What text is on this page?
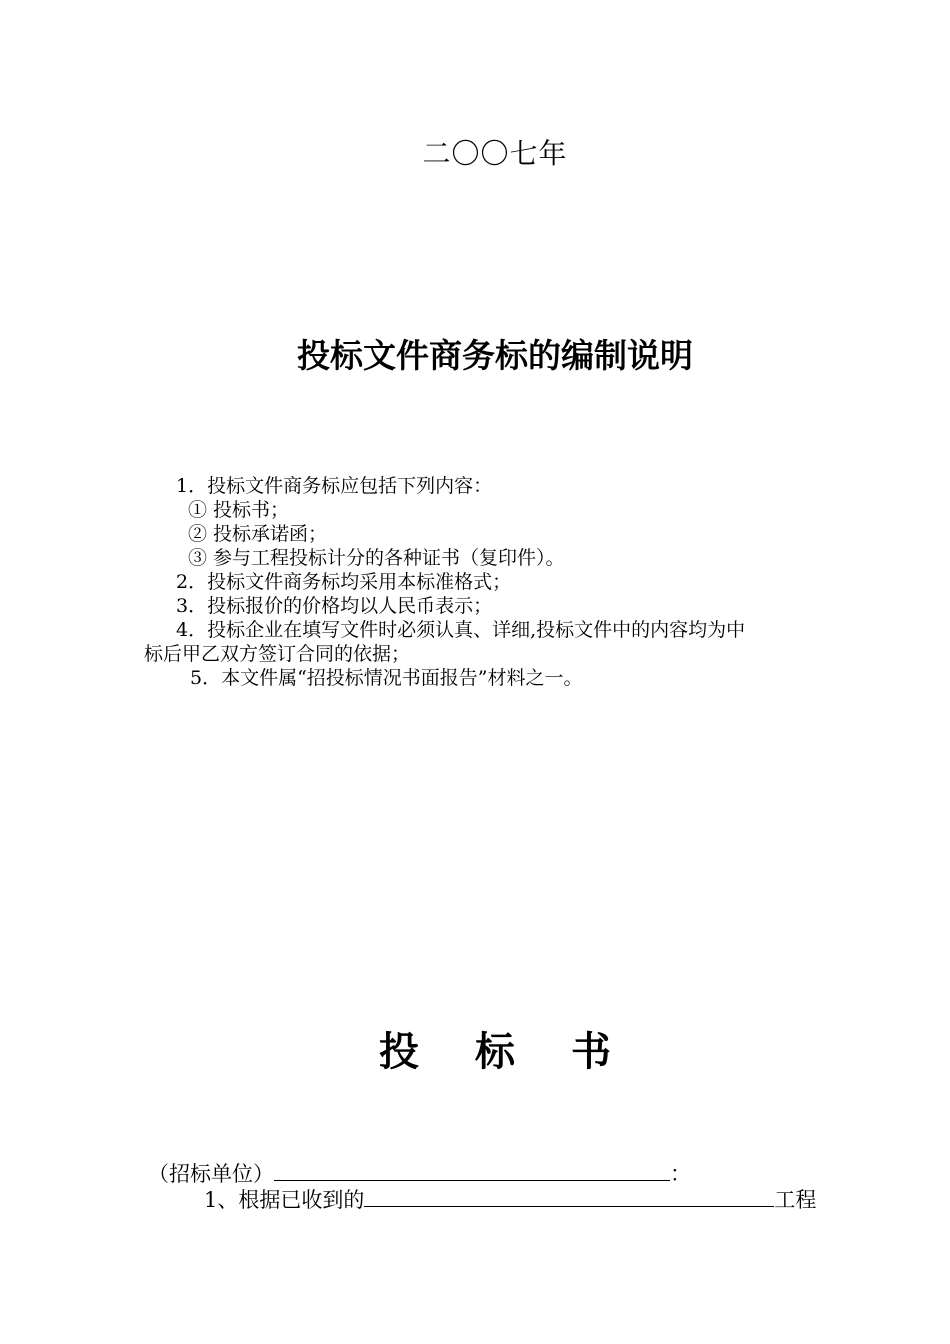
二〇〇七年
投标文件商务标的编制说明
1．投标文件商务标应包括下列内容：
① 投标书；
② 投标承诺函；
③ 参与工程投标计分的各种证书（复印件）。
2．投标文件商务标均采用本标准格式；
3．投标报价的价格均以人民币表示；
4．投标企业在填写文件时必须认真、详细,投标文件中的内容均为中
标后甲乙双方签订合同的依据；
5．本文件属“招投标情况书面报告”材料之一。
投 标 书
（招标单位）	：
1、根据已收到的	工程
